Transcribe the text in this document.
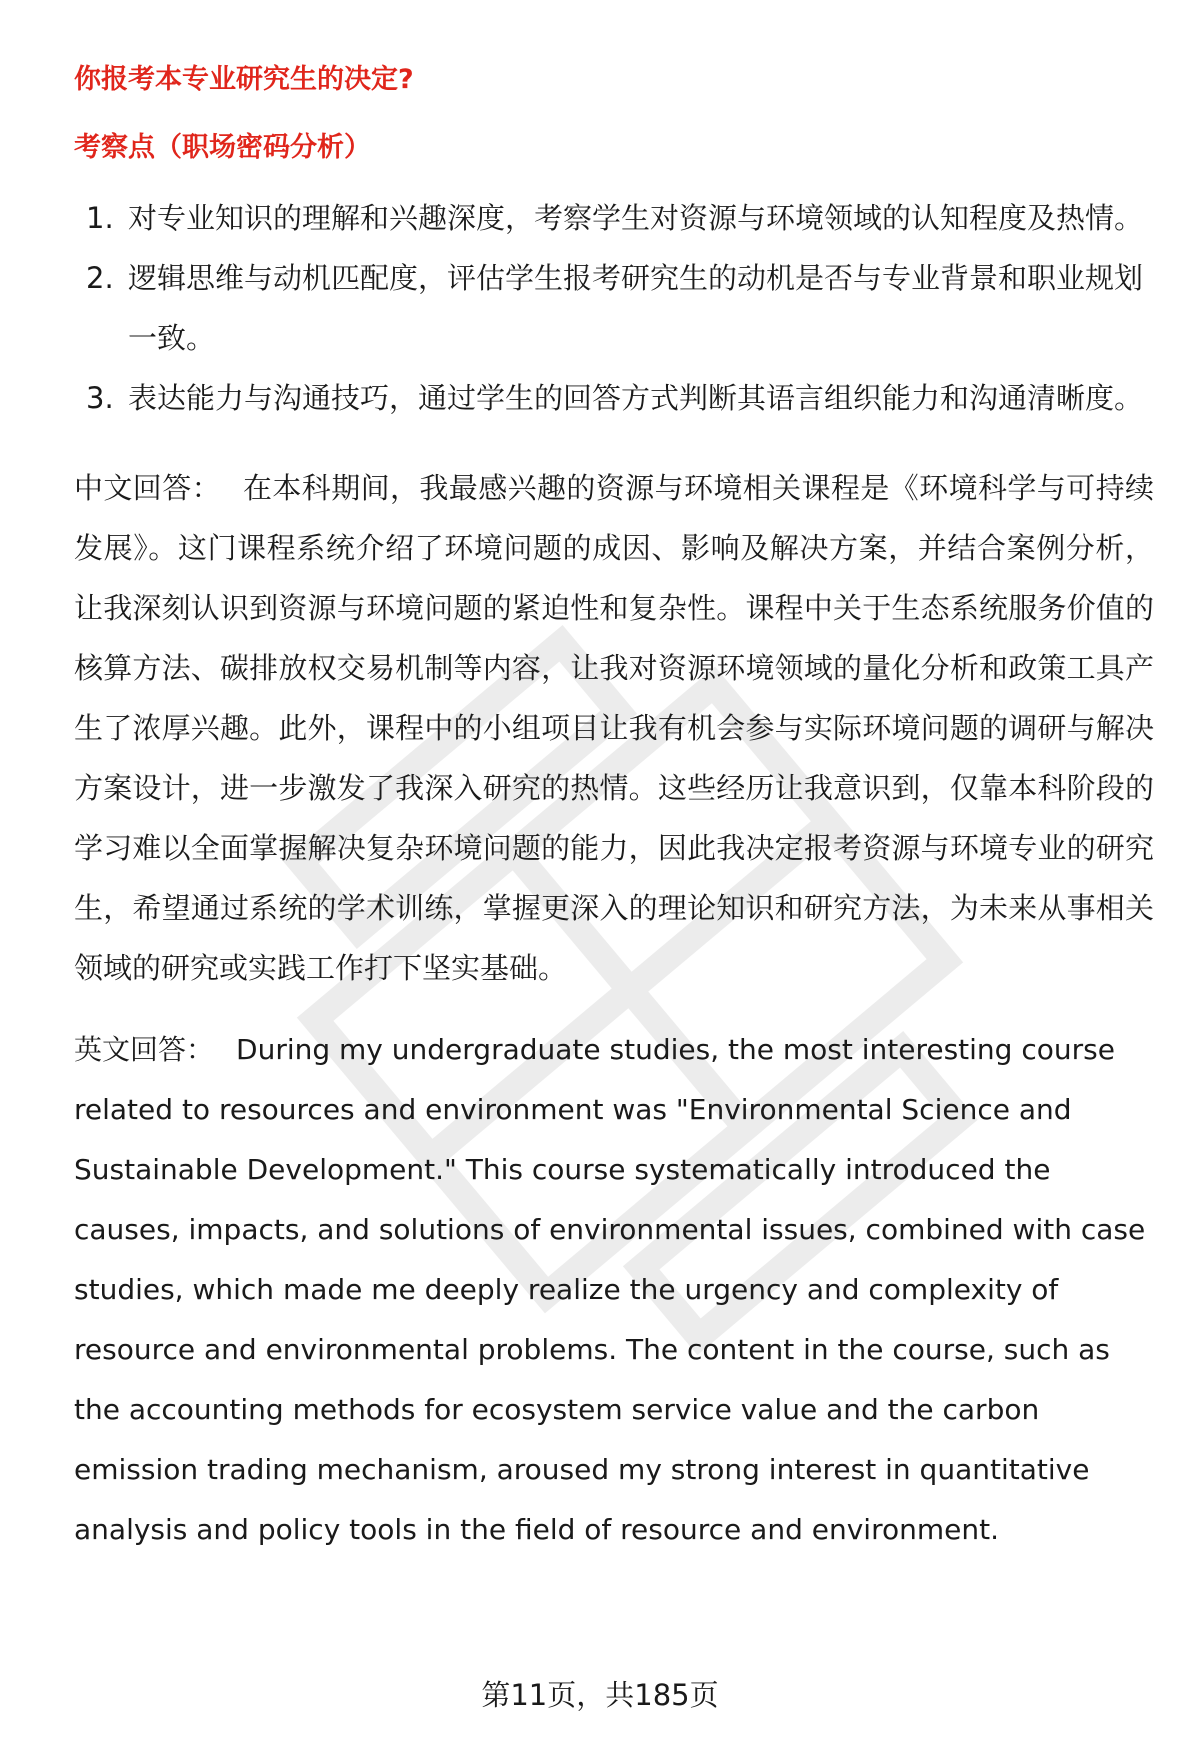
你报考本专业研究生的决定?
考察点（职场密码分析）
1. 对专业知识的理解和兴趣深度，考察学生对资源与环境领域的认知程度及热情。
2. 逻辑思维与动机匹配度，评估学生报考研究生的动机是否与专业背景和职业规划一致。
3. 表达能力与沟通技巧，通过学生的回答方式判断其语言组织能力和沟通清晰度。

中文回答： 在本科期间，我最感兴趣的资源与环境相关课程是《环境科学与可持续发展》。这门课程系统介绍了环境问题的成因、影响及解决方案，并结合案例分析，让我深刻认识到资源与环境问题的紧迫性和复杂性。课程中关于生态系统服务价值的核算方法、碳排放权交易机制等内容，让我对资源环境领域的量化分析和政策工具产生了浓厚兴趣。此外，课程中的小组项目让我有机会参与实际环境问题的调研与解决方案设计，进一步激发了我深入研究的热情。这些经历让我意识到，仅靠本科阶段的学习难以全面掌握解决复杂环境问题的能力，因此我决定报考资源与环境专业的研究生，希望通过系统的学术训练，掌握更深入的理论知识和研究方法，为未来从事相关领域的研究或实践工作打下坚实基础。

英文回答： During my undergraduate studies, the most interesting course related to resources and environment was "Environmental Science and Sustainable Development." This course systematically introduced the causes, impacts, and solutions of environmental issues, combined with case studies, which made me deeply realize the urgency and complexity of resource and environmental problems. The content in the course, such as the accounting methods for ecosystem service value and the carbon emission trading mechanism, aroused my strong interest in quantitative analysis and policy tools in the field of resource and environment.

第11页，共185页
